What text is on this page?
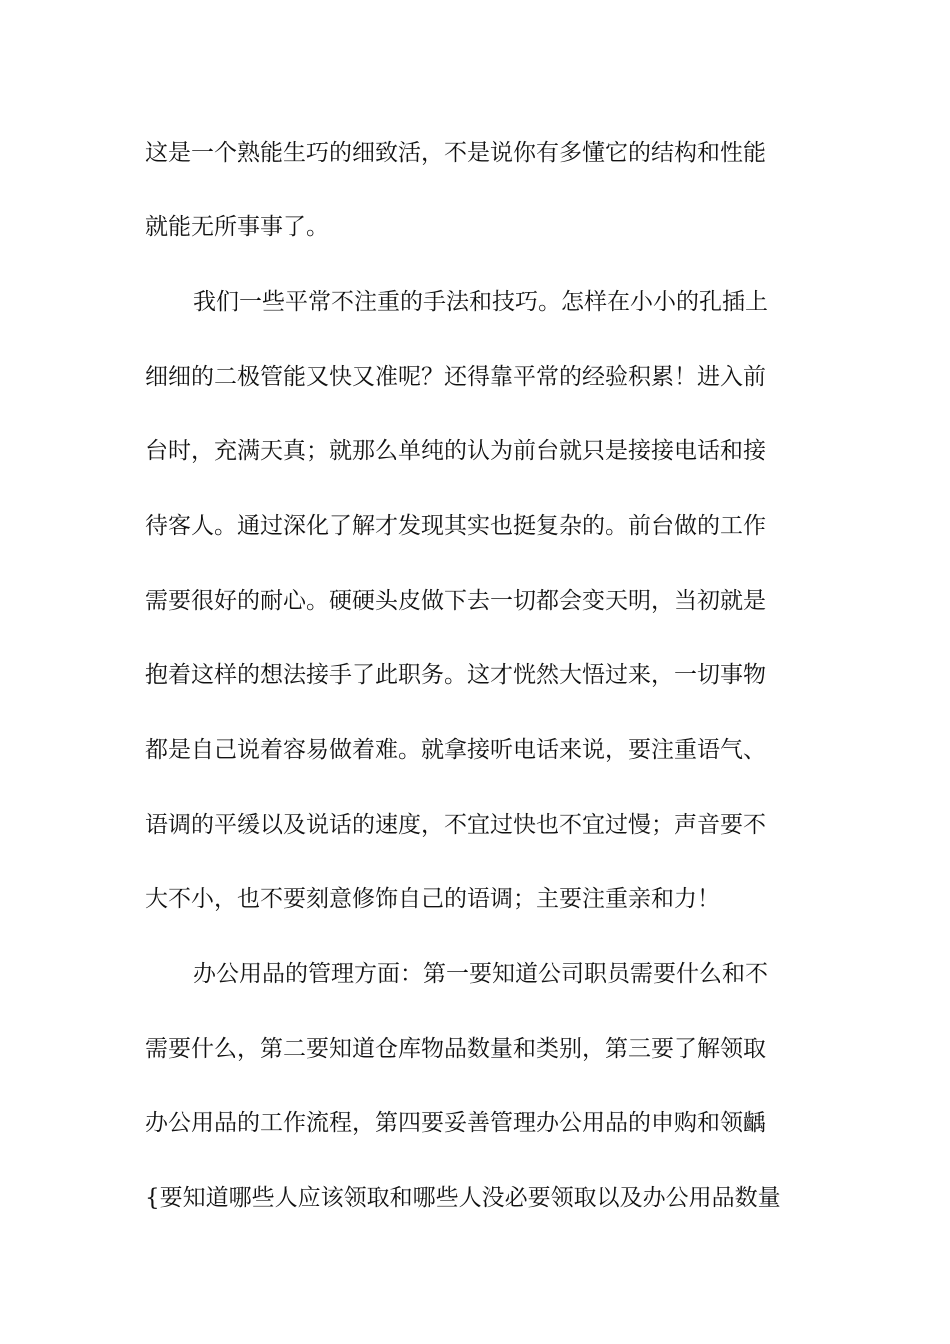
这是一个熟能生巧的细致活，不是说你有多懂它的结构和性能
就能无所事事了。
我们一些平常不注重的手法和技巧。怎样在小小的孔插上
细细的二极管能又快又准呢？还得靠平常的经验积累！进入前
台时，充满天真；就那么单纯的认为前台就只是接接电话和接
待客人。通过深化了解才发现其实也挺复杂的。前台做的工作
需要很好的耐心。硬硬头皮做下去一切都会变天明，当初就是
抱着这样的想法接手了此职务。这才恍然大悟过来，一切事物
都是自己说着容易做着难。就拿接听电话来说，要注重语气、
语调的平缓以及说话的速度，不宜过快也不宜过慢；声音要不
大不小，也不要刻意修饰自己的语调；主要注重亲和力！
办公用品的管理方面：第一要知道公司职员需要什么和不
需要什么，第二要知道仓库物品数量和类别，第三要了解领取
办公用品的工作流程，第四要妥善管理办公用品的申购和领齲
{要知道哪些人应该领取和哪些人没必要领取以及办公用品数量
